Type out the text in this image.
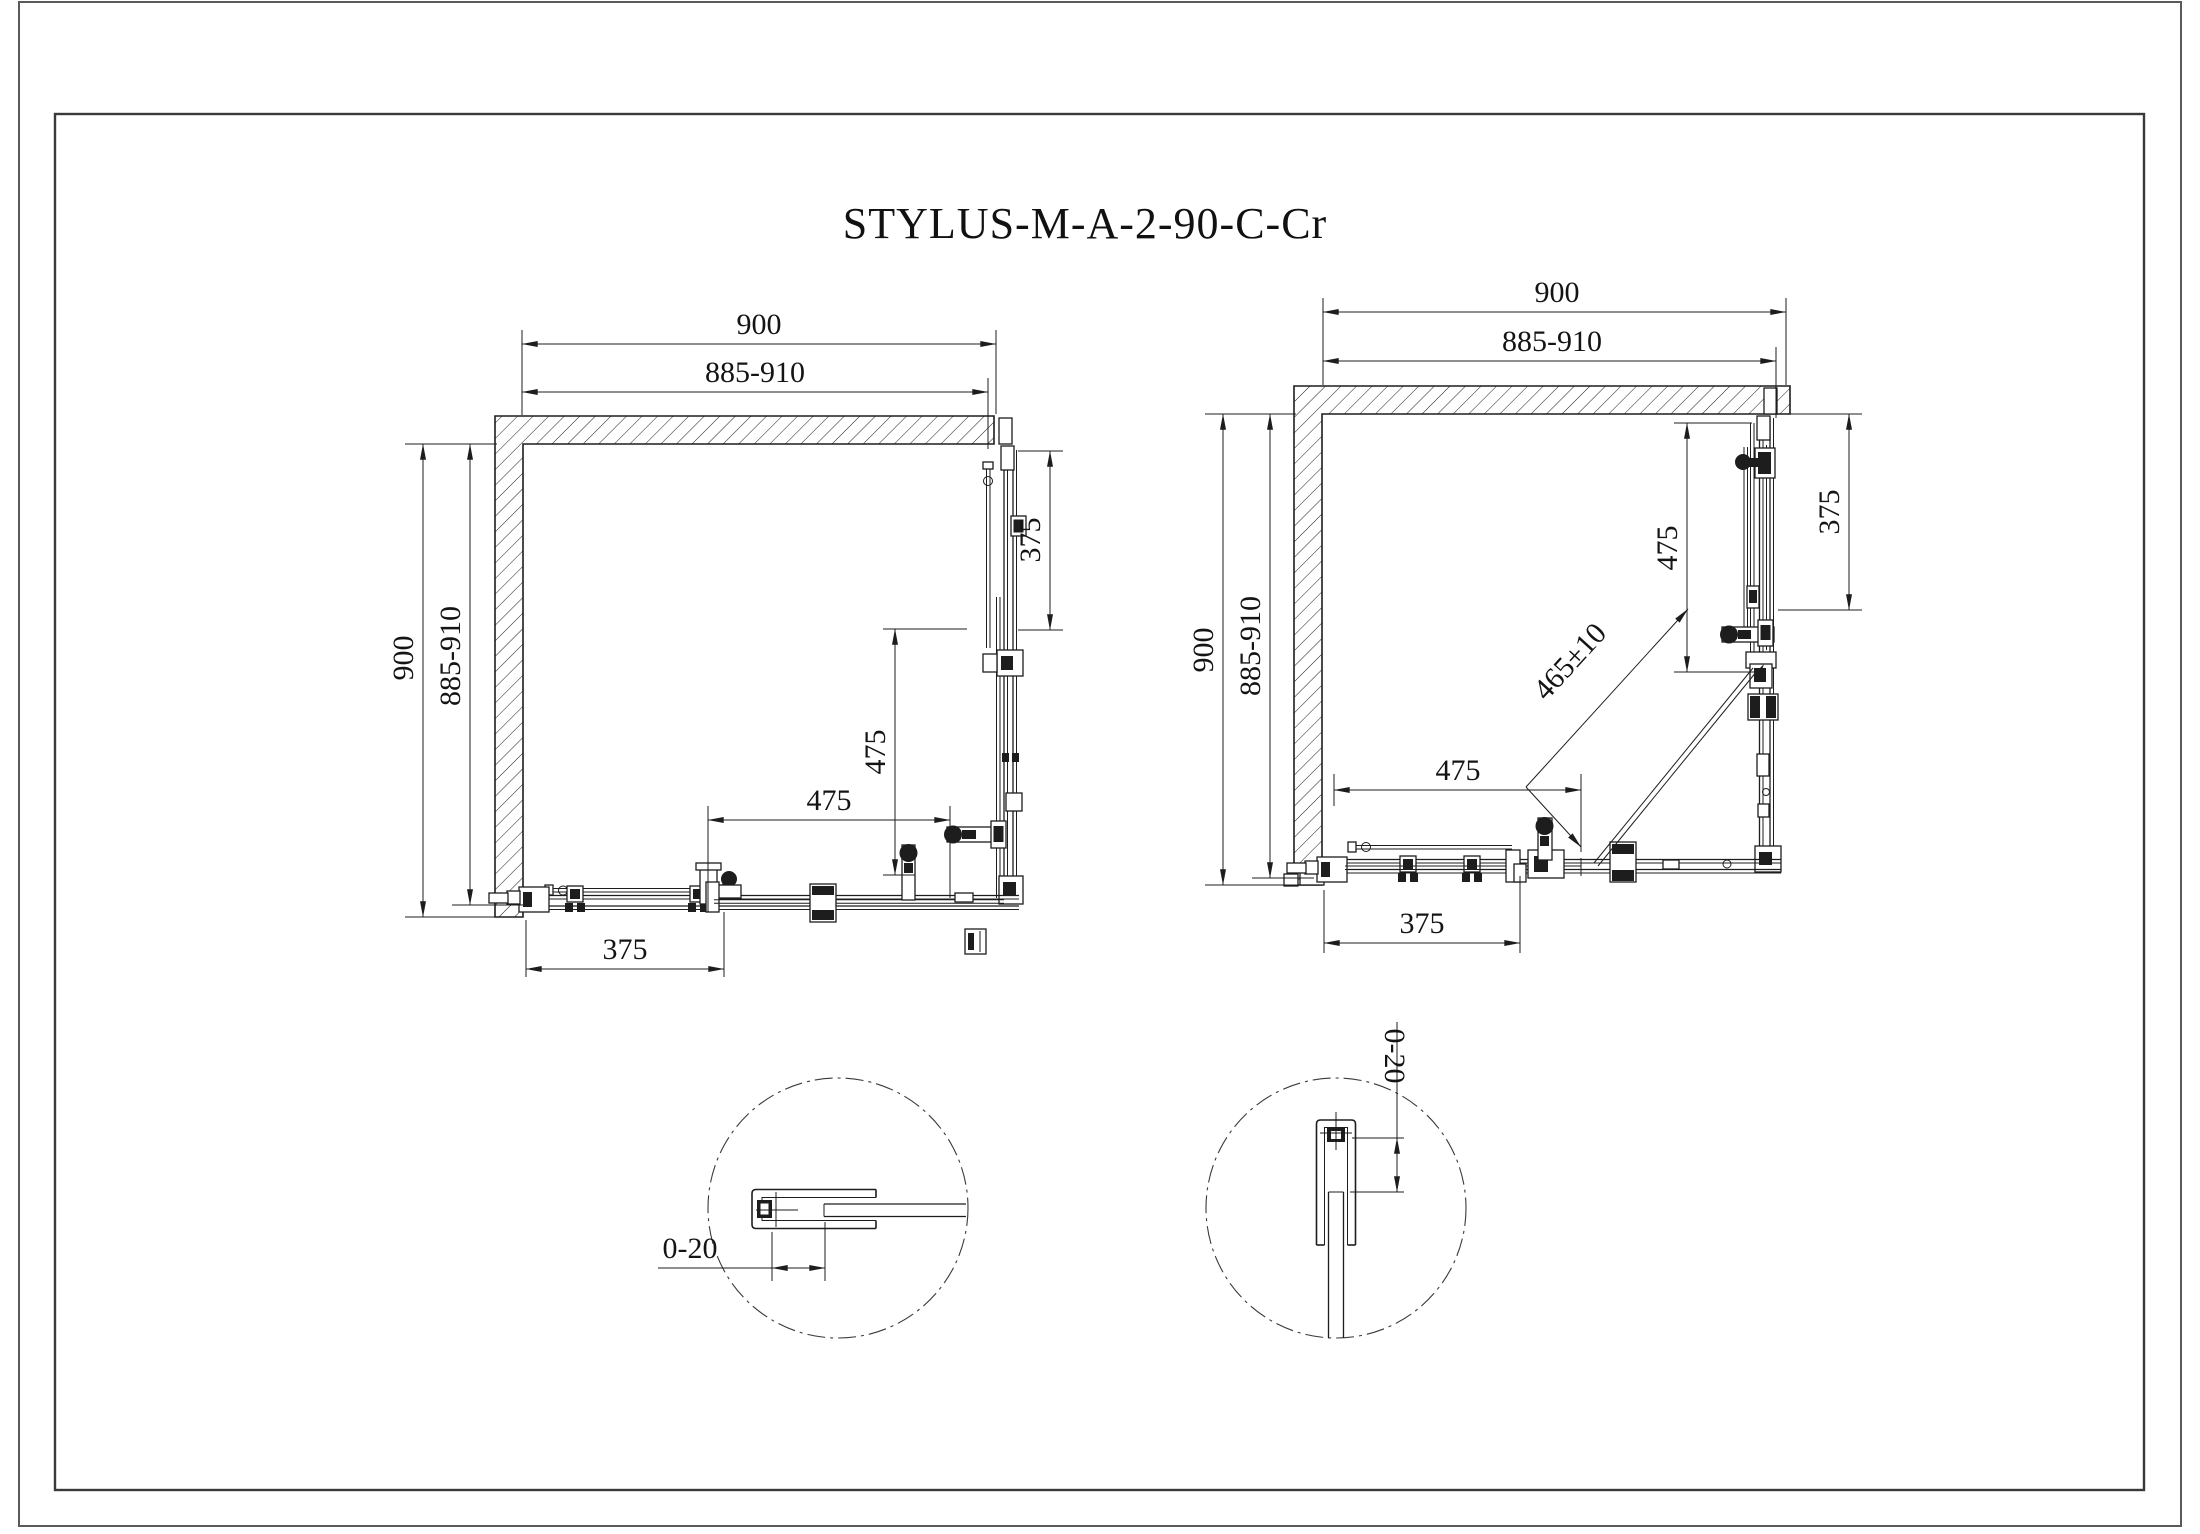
STYLUS-M-A-2-90-C-Cr
900
885-910
900 885-910
375
475
475
375
900
885-910
900 885-910
375
475
475
465±10
375
0-20
0-20
